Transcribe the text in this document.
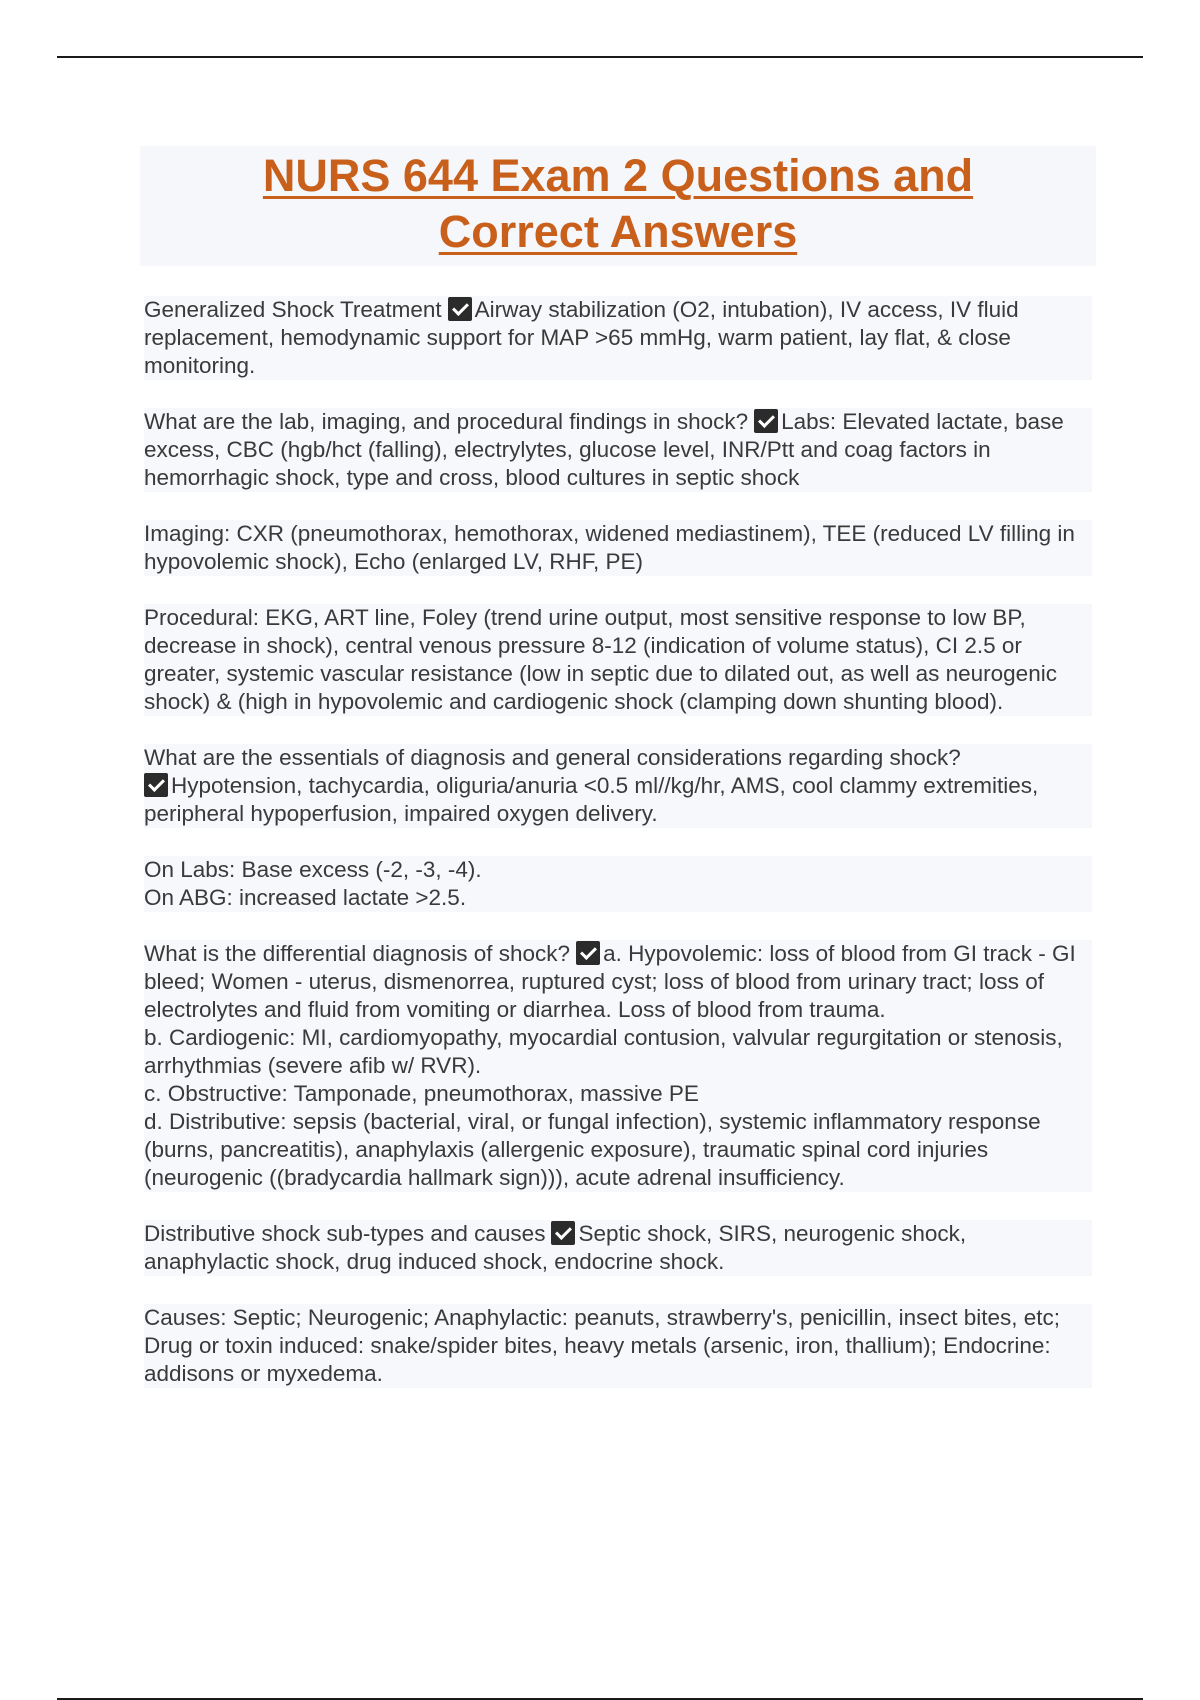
NURS 644 Exam 2 Questions and
Correct Answers

Generalized Shock Treatment Airway stabilization (O2, intubation), IV access, IV fluid replacement, hemodynamic support for MAP >65 mmHg, warm patient, lay flat, & close monitoring.

What are the lab, imaging, and procedural findings in shock? Labs: Elevated lactate, base excess, CBC (hgb/hct (falling), electrylytes, glucose level, INR/Ptt and coag factors in hemorrhagic shock, type and cross, blood cultures in septic shock

Imaging: CXR (pneumothorax, hemothorax, widened mediastinem), TEE (reduced LV filling in hypovolemic shock), Echo (enlarged LV, RHF, PE)

Procedural: EKG, ART line, Foley (trend urine output, most sensitive response to low BP, decrease in shock), central venous pressure 8-12 (indication of volume status), CI 2.5 or greater, systemic vascular resistance (low in septic due to dilated out, as well as neurogenic shock) & (high in hypovolemic and cardiogenic shock (clamping down shunting blood).

What are the essentials of diagnosis and general considerations regarding shock?
Hypotension, tachycardia, oliguria/anuria <0.5 ml//kg/hr, AMS, cool clammy extremities, peripheral hypoperfusion, impaired oxygen delivery.

On Labs: Base excess (-2, -3, -4).
On ABG: increased lactate >2.5.

What is the differential diagnosis of shock? a. Hypovolemic: loss of blood from GI track - GI bleed; Women - uterus, dismenorrea, ruptured cyst; loss of blood from urinary tract; loss of electrolytes and fluid from vomiting or diarrhea. Loss of blood from trauma.
b. Cardiogenic: MI, cardiomyopathy, myocardial contusion, valvular regurgitation or stenosis, arrhythmias (severe afib w/ RVR).
c. Obstructive: Tamponade, pneumothorax, massive PE
d. Distributive: sepsis (bacterial, viral, or fungal infection), systemic inflammatory response (burns, pancreatitis), anaphylaxis (allergenic exposure), traumatic spinal cord injuries (neurogenic ((bradycardia hallmark sign))), acute adrenal insufficiency.

Distributive shock sub-types and causes Septic shock, SIRS, neurogenic shock, anaphylactic shock, drug induced shock, endocrine shock.

Causes: Septic; Neurogenic; Anaphylactic: peanuts, strawberry's, penicillin, insect bites, etc; Drug or toxin induced: snake/spider bites, heavy metals (arsenic, iron, thallium); Endocrine: addisons or myxedema.
